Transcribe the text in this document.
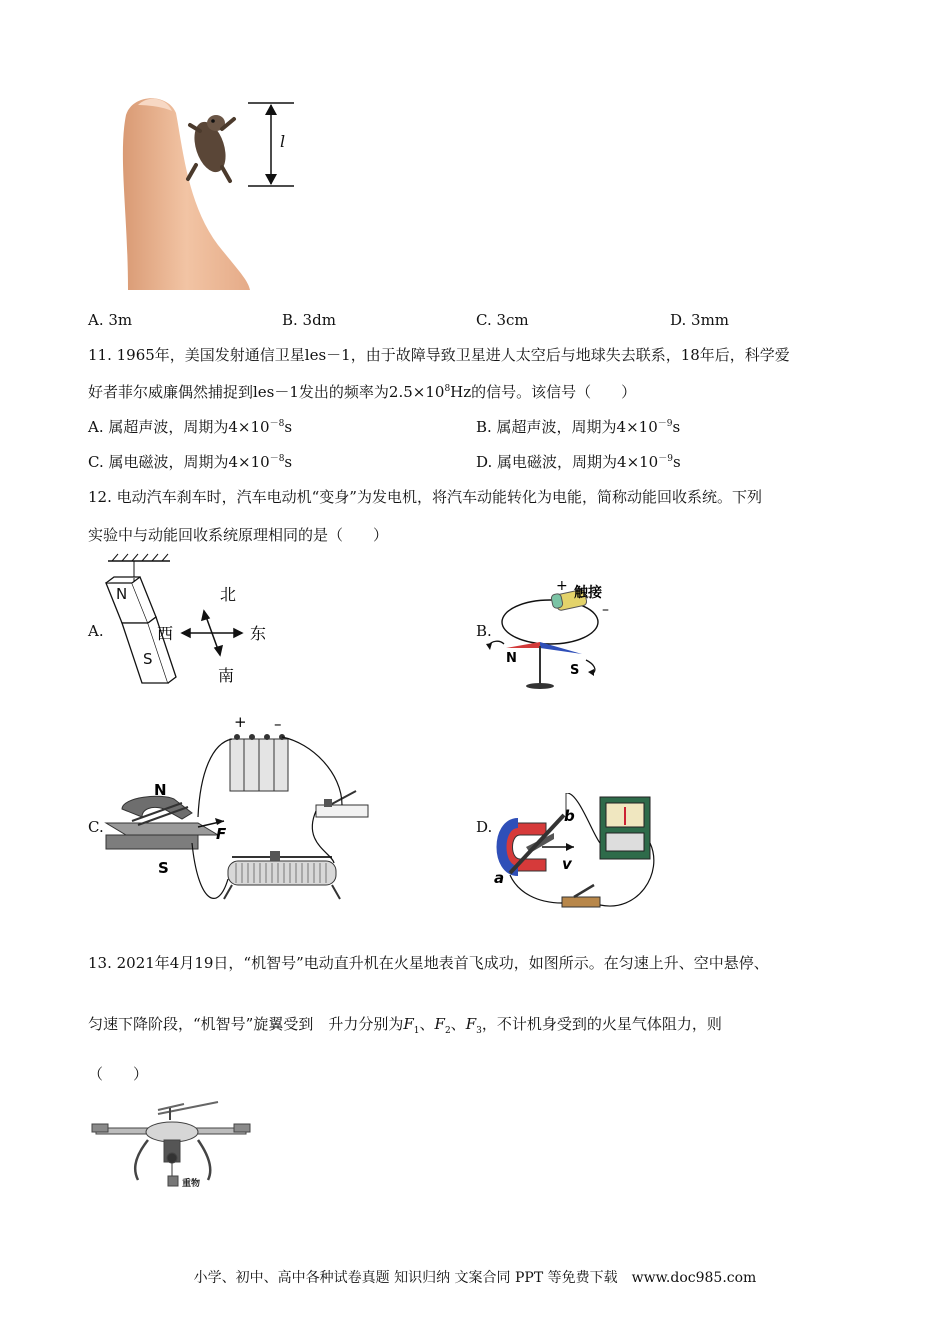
l
A. 3m	B. 3dm	C. 3cm	D. 3mm
11. 1965年，美国发射通信卫星les－1，由于故障导致卫星进人太空后与地球失去联系，18年后，科学爱
好者菲尔威廉偶然捕捉到les－1发出的频率为$2.5\times 10^8Hz$的信号。该信号（　　）
A. 属超声波，周期为$4\times 10^{-8}s$	B. 属超声波，周期为$4\times 10^{-9}s$
C. 属电磁波，周期为$4\times 10^{-8}s$	D. 属电磁波，周期为$4\times 10^{-9}s$
12. 电动汽车刹车时，汽车电动机“变身”为发电机，将汽车动能转化为电能，简称动能回收系统。下列
实验中与动能回收系统原理相同的是（　　）
A.
北
西	东
南
N
S
B.
+ 触接
–
N
S
C.
+ –
N
S
F	D.
b
a
v
13. 2021年4月19日，“机智号”电动直升机在火星地表首飞成功，如图所示。在匀速上升、空中悬停、
匀速下降阶段，“机智号”旋翼受到　升力分别为$F_1$、$F_2$、$F_3$，不计机身受到的火星气体阻力，则
（　　）
重物
小学、初中、高中各种试卷真题 知识归纳 文案合同 PPT 等免费下载　www.doc985.com
